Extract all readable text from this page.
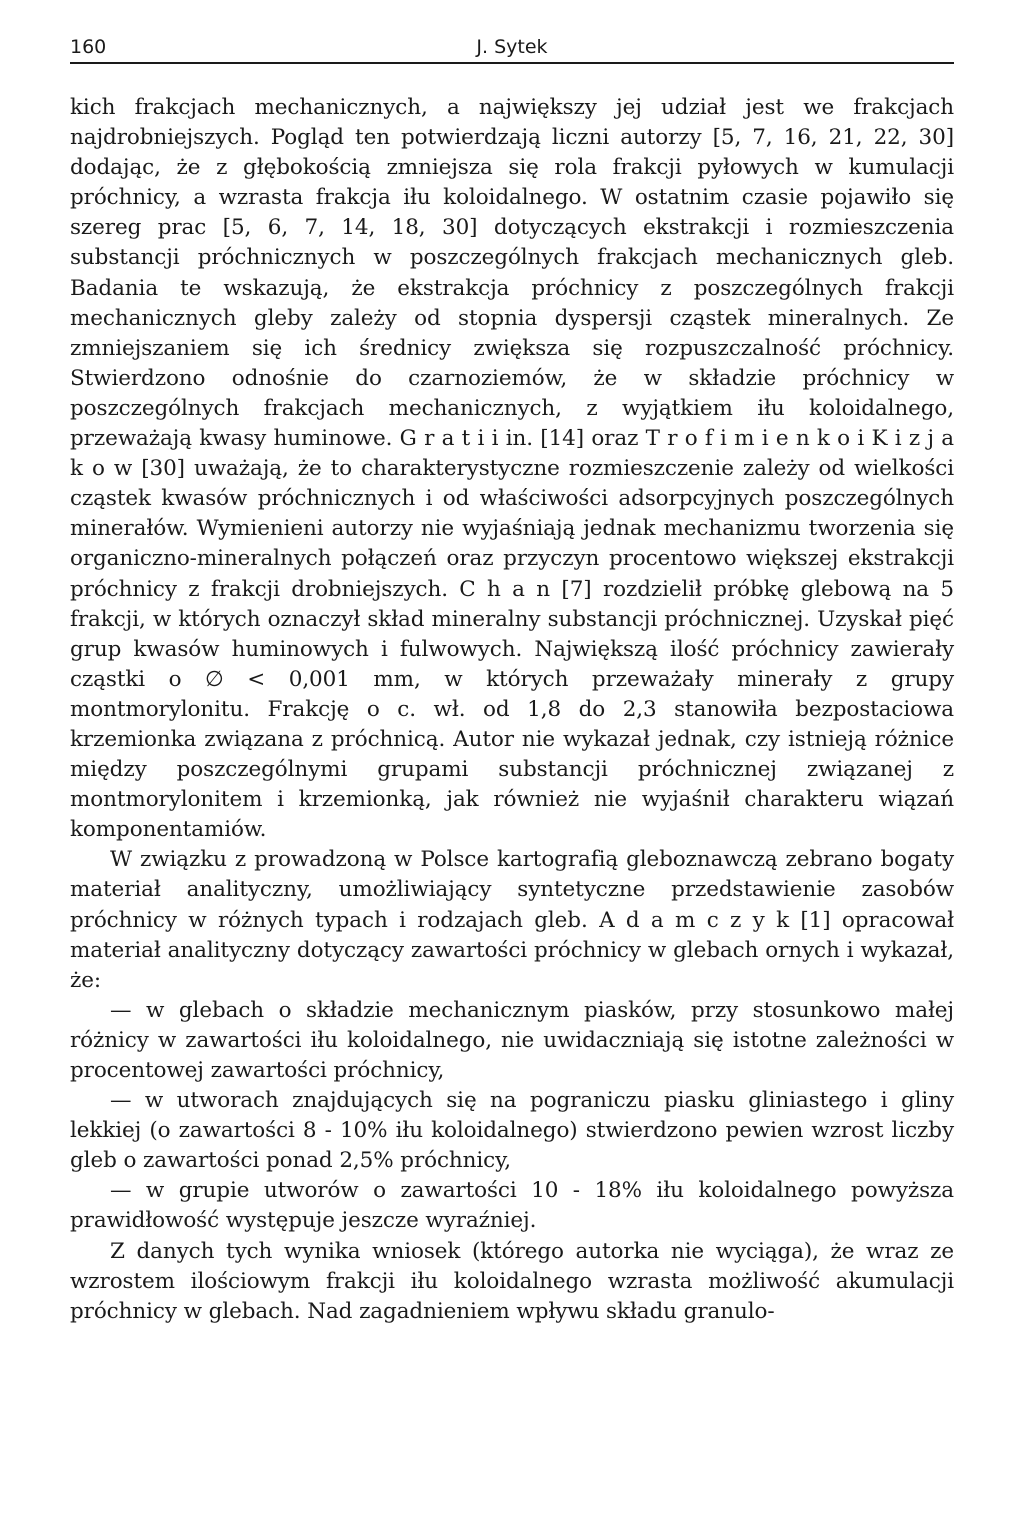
160	J. Sytek

kich frakcjach mechanicznych, a największy jej udział jest we frakcjach najdrobniejszych. Pogląd ten potwierdzają liczni autorzy [5, 7, 16, 21, 22, 30] dodając, że z głębokością zmniejsza się rola frakcji pyłowych w kumulacji próchnicy, a wzrasta frakcja iłu koloidalnego. W ostatnim czasie pojawiło się szereg prac [5, 6, 7, 14, 18, 30] dotyczących ekstrakcji i rozmieszczenia substancji próchnicznych w poszczególnych frakcjach mechanicznych gleb. Badania te wskazują, że ekstrakcja próchnicy z poszczególnych frakcji mechanicznych gleby zależy od stopnia dyspersji cząstek mineralnych. Ze zmniejszaniem się ich średnicy zwiększa się rozpuszczalność próchnicy. Stwierdzono odnośnie do czarnoziemów, że w składzie próchnicy w poszczególnych frakcjach mechanicznych, z wyjątkiem iłu koloidalnego, przeważają kwasy huminowe. G r a t i i in. [14] oraz T r o f i m i e n k o i K i z j a k o w [30] uważają, że to charakterystyczne rozmieszczenie zależy od wielkości cząstek kwasów próchnicznych i od właściwości adsorpcyjnych poszczególnych minerałów. Wymienieni autorzy nie wyjaśniają jednak mechanizmu tworzenia się organiczno-mineralnych połączeń oraz przyczyn procentowo większej ekstrakcji próchnicy z frakcji drobniejszych. C h a n [7] rozdzielił próbkę glebową na 5 frakcji, w których oznaczył skład mineralny substancji próchnicznej. Uzyskał pięć grup kwasów huminowych i fulwowych. Największą ilość próchnicy zawierały cząstki o ∅ < 0,001 mm, w których przeważały minerały z grupy montmorylonitu. Frakcję o c. wł. od 1,8 do 2,3 stanowiła bezpostaciowa krzemionka związana z próchnicą. Autor nie wykazał jednak, czy istnieją różnice między poszczególnymi grupami substancji próchnicznej związanej z montmorylonitem i krzemionką, jak również nie wyjaśnił charakteru wiązań komponentamiów.

W związku z prowadzoną w Polsce kartografią gleboznawczą zebrano bogaty materiał analityczny, umożliwiający syntetyczne przedstawienie zasobów próchnicy w różnych typach i rodzajach gleb. A d a m c z y k [1] opracował materiał analityczny dotyczący zawartości próchnicy w glebach ornych i wykazał, że:

— w glebach o składzie mechanicznym piasków, przy stosunkowo małej różnicy w zawartości iłu koloidalnego, nie uwidaczniają się istotne zależności w procentowej zawartości próchnicy,

— w utworach znajdujących się na pograniczu piasku gliniastego i gliny lekkiej (o zawartości 8 - 10% iłu koloidalnego) stwierdzono pewien wzrost liczby gleb o zawartości ponad 2,5% próchnicy,

— w grupie utworów o zawartości 10 - 18% iłu koloidalnego powyższa prawidłowość występuje jeszcze wyraźniej.

Z danych tych wynika wniosek (którego autorka nie wyciąga), że wraz ze wzrostem ilościowym frakcji iłu koloidalnego wzrasta możliwość akumulacji próchnicy w glebach. Nad zagadnieniem wpływu składu granulo-
